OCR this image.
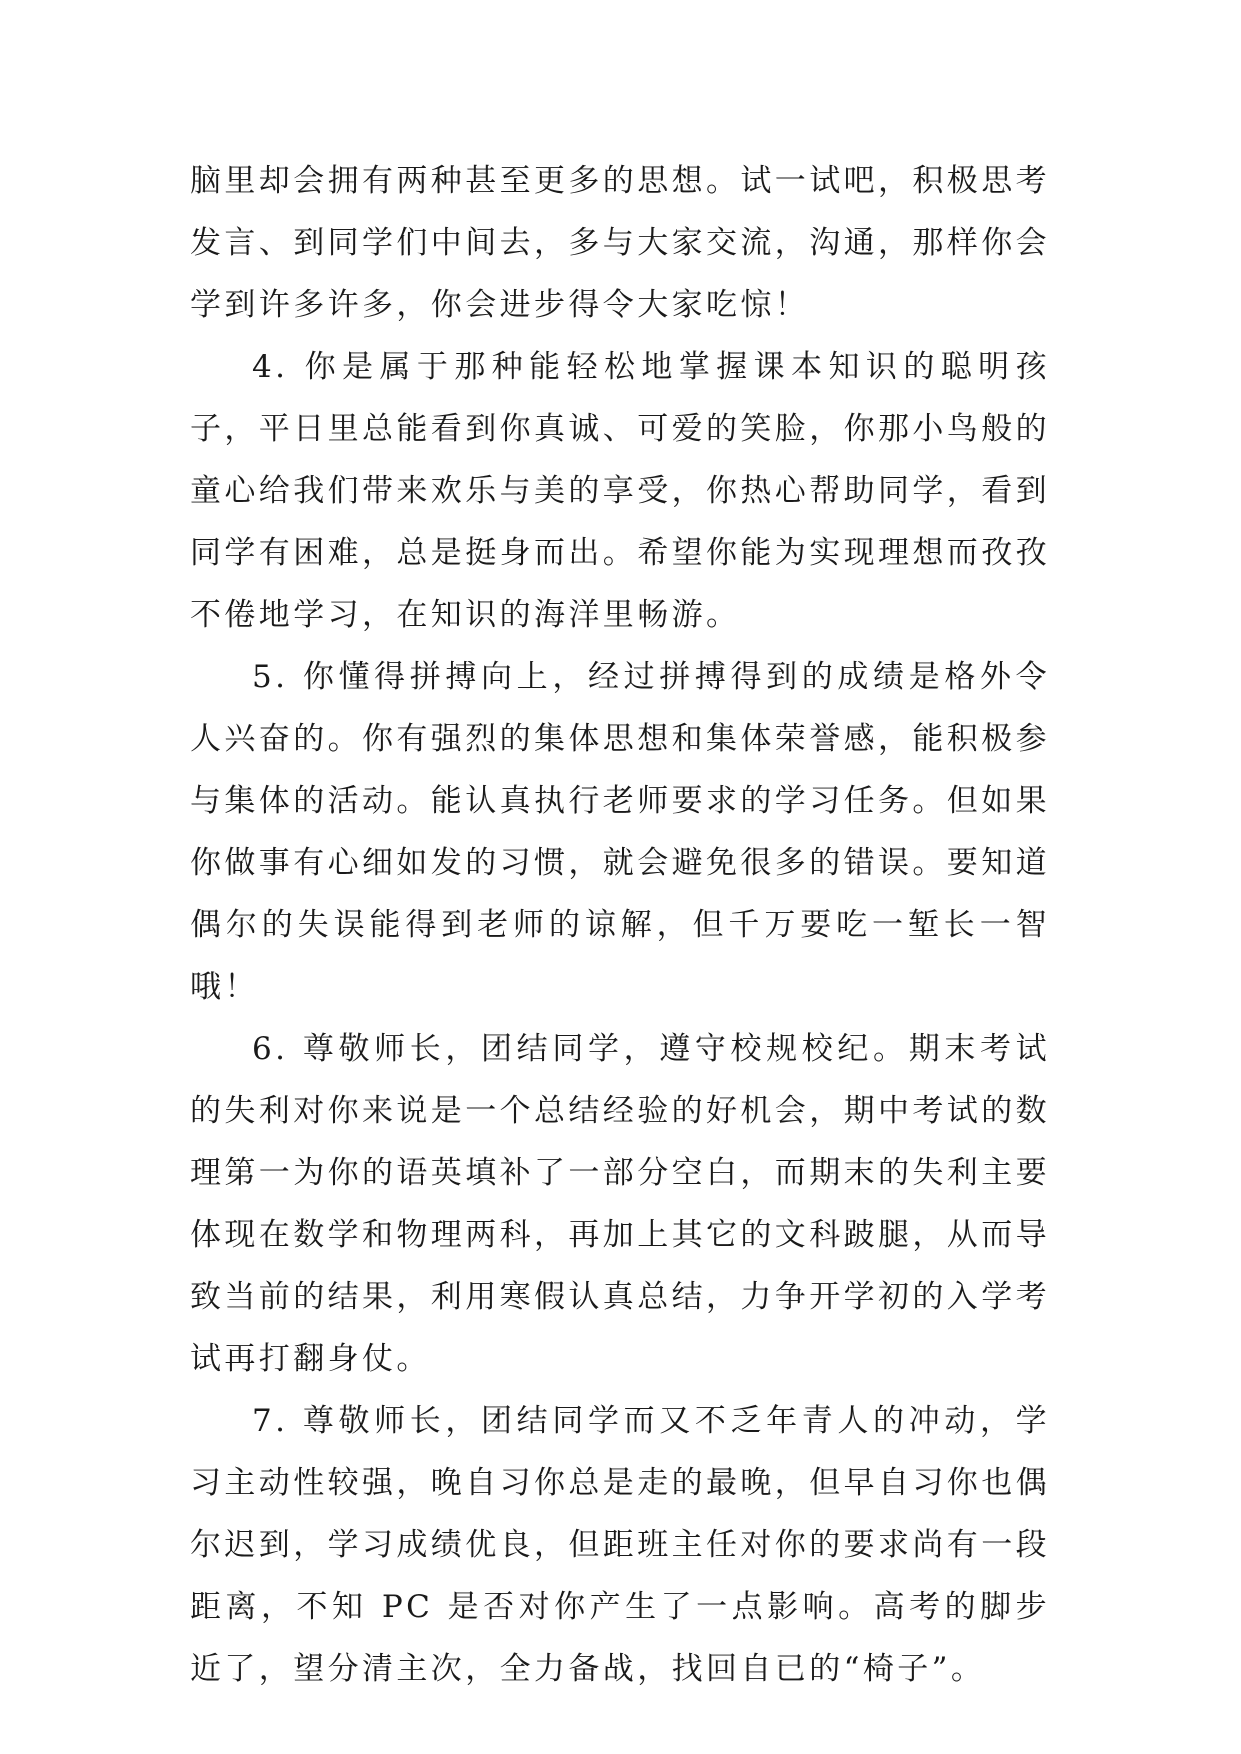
脑里却会拥有两种甚至更多的思想。试一试吧，积极思考发言、到同学们中间去，多与大家交流，沟通，那样你会学到许多许多，你会进步得令大家吃惊！

4. 你是属于那种能轻松地掌握课本知识的聪明孩子，平日里总能看到你真诚、可爱的笑脸，你那小鸟般的童心给我们带来欢乐与美的享受，你热心帮助同学，看到同学有困难，总是挺身而出。希望你能为实现理想而孜孜不倦地学习，在知识的海洋里畅游。

5. 你懂得拼搏向上，经过拼搏得到的成绩是格外令人兴奋的。你有强烈的集体思想和集体荣誉感，能积极参与集体的活动。能认真执行老师要求的学习任务。但如果你做事有心细如发的习惯，就会避免很多的错误。要知道偶尔的失误能得到老师的谅解，但千万要吃一堑长一智哦！

6. 尊敬师长，团结同学，遵守校规校纪。期末考试的失利对你来说是一个总结经验的好机会，期中考试的数理第一为你的语英填补了一部分空白，而期末的失利主要体现在数学和物理两科，再加上其它的文科跛腿，从而导致当前的结果，利用寒假认真总结，力争开学初的入学考试再打翻身仗。

7. 尊敬师长，团结同学而又不乏年青人的冲动，学习主动性较强，晚自习你总是走的最晚，但早自习你也偶尔迟到，学习成绩优良，但距班主任对你的要求尚有一段距离，不知 PC 是否对你产生了一点影响。高考的脚步近了，望分清主次，全力备战，找回自已的“椅子”。
